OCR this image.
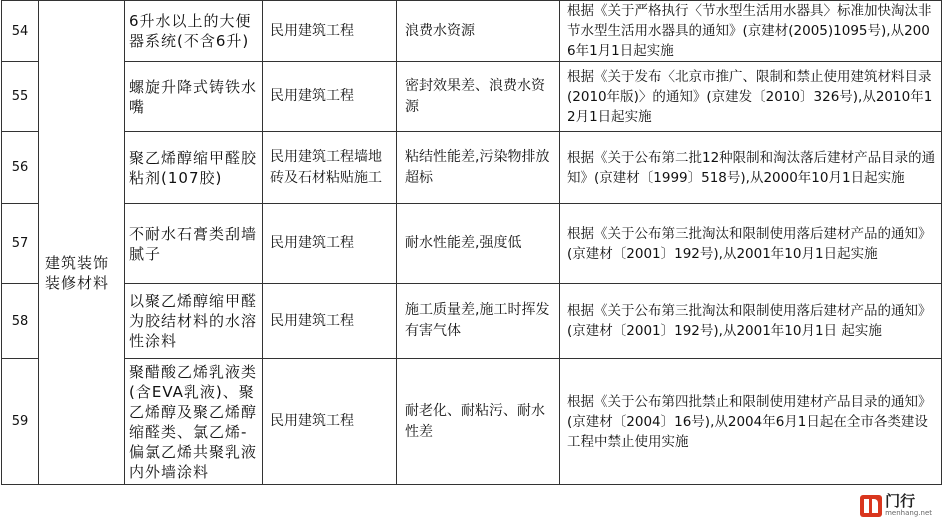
54	建筑装饰装修材料	6升水以上的大便器系统(不含6升)	民用建筑工程	浪费水资源	根据《关于严格执行〈节水型生活用水器具〉标准加快淘汰非节水型生活用水器具的通知》(京建材(2005)1095号),从2006年1月1日起实施
55		螺旋升降式铸铁水嘴	民用建筑工程	密封效果差、浪费水资源	根据《关于发布〈北京市推广、限制和禁止使用建筑材料目录(2010年版)〉的通知》(京建发〔2010〕326号),从2010年12月1日起实施
56		聚乙烯醇缩甲醛胶粘剂(107胶)	民用建筑工程墙地砖及石材粘贴施工	粘结性能差,污染物排放超标	根据《关于公布第二批12种限制和淘汰落后建材产品目录的通知》(京建材〔1999〕518号),从2000年10月1日起实施
57		不耐水石膏类刮墙腻子	民用建筑工程	耐水性能差,强度低	根据《关于公布第三批淘汰和限制使用落后建材产品的通知》(京建材〔2001〕192号),从2001年10月1日起实施
58		以聚乙烯醇缩甲醛为胶结材料的水溶性涂料	民用建筑工程	施工质量差,施工时挥发有害气体	根据《关于公布第三批淘汰和限制使用落后建材产品的通知》(京建材〔2001〕192号),从2001年10月1日 起实施
59		聚醋酸乙烯乳液类(含EVA乳液)、聚乙烯醇及聚乙烯醇缩醛类、氯乙烯-偏氯乙烯共聚乳液内外墙涂料	民用建筑工程	耐老化、耐粘污、耐水性差	根据《关于公布第四批禁止和限制使用建材产品目录的通知》(京建材〔2004〕16号),从2004年6月1日起在全市各类建设工程中禁止使用实施
门行
menhang.net
